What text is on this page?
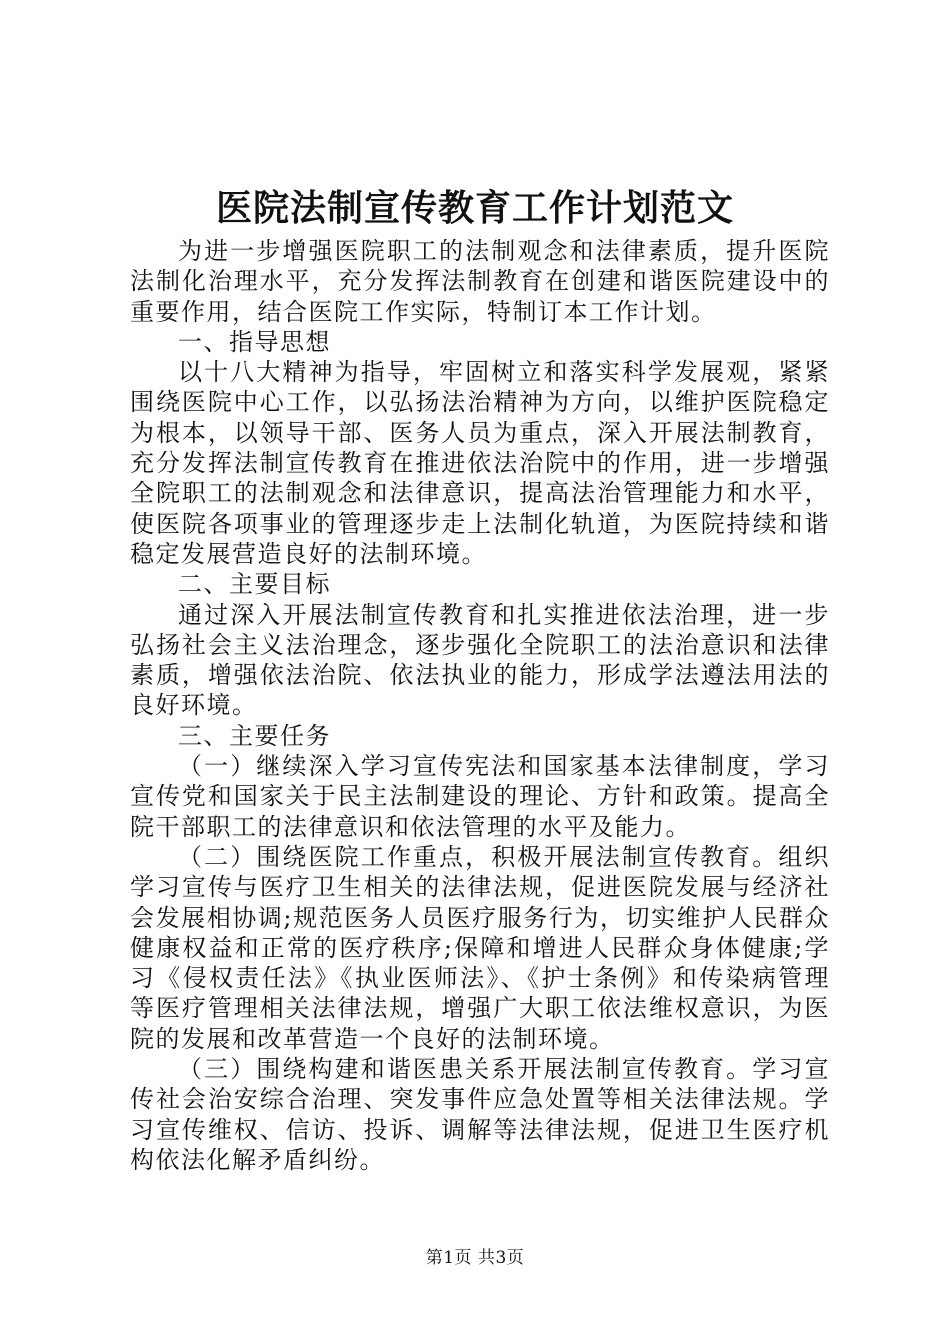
医院法制宣传教育工作计划范文

为进一步增强医院职工的法制观念和法律素质，提升医院法制化治理水平，充分发挥法制教育在创建和谐医院建设中的重要作用，结合医院工作实际，特制订本工作计划。

一、指导思想

以十八大精神为指导，牢固树立和落实科学发展观，紧紧围绕医院中心工作，以弘扬法治精神为方向，以维护医院稳定为根本，以领导干部、医务人员为重点，深入开展法制教育，充分发挥法制宣传教育在推进依法治院中的作用，进一步增强全院职工的法制观念和法律意识，提高法治管理能力和水平，使医院各项事业的管理逐步走上法制化轨道，为医院持续和谐稳定发展营造良好的法制环境。

二、主要目标

通过深入开展法制宣传教育和扎实推进依法治理，进一步弘扬社会主义法治理念，逐步强化全院职工的法治意识和法律素质，增强依法治院、依法执业的能力，形成学法遵法用法的良好环境。

三、主要任务

（一）继续深入学习宣传宪法和国家基本法律制度，学习宣传党和国家关于民主法制建设的理论、方针和政策。提高全院干部职工的法律意识和依法管理的水平及能力。

（二）围绕医院工作重点，积极开展法制宣传教育。组织学习宣传与医疗卫生相关的法律法规，促进医院发展与经济社会发展相协调;规范医务人员医疗服务行为，切实维护人民群众健康权益和正常的医疗秩序;保障和增进人民群众身体健康;学习《侵权责任法》《执业医师法》、《护士条例》和传染病管理等医疗管理相关法律法规，增强广大职工依法维权意识，为医院的发展和改革营造一个良好的法制环境。

（三）围绕构建和谐医患关系开展法制宣传教育。学习宣传社会治安综合治理、突发事件应急处置等相关法律法规。学习宣传维权、信访、投诉、调解等法律法规，促进卫生医疗机构依法化解矛盾纠纷。

第1页 共3页
